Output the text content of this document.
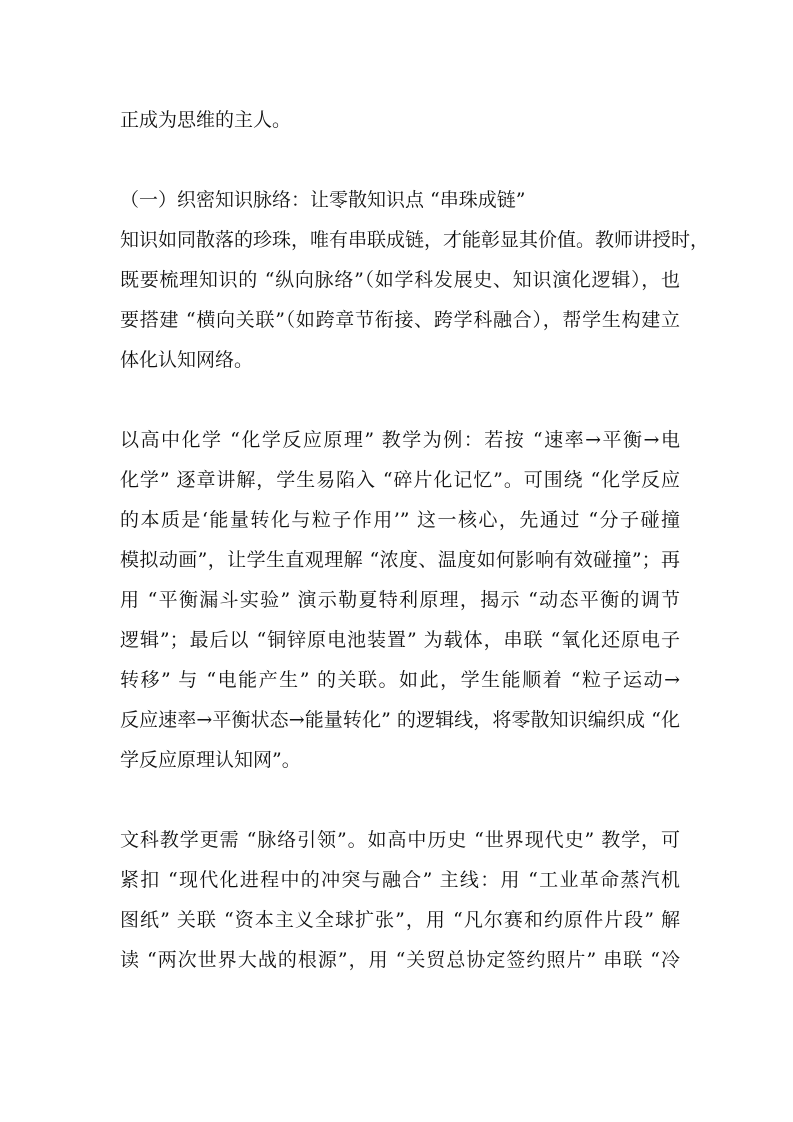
正成为思维的主人。
（一）织密知识脉络：让零散知识点 “串珠成链”
知识如同散落的珍珠，唯有串联成链，才能彰显其价值。教师讲授时，
既要梳理知识的 “纵向脉络”（如学科发展史、知识演化逻辑），也
要搭建 “横向关联”（如跨章节衔接、跨学科融合），帮学生构建立
体化认知网络。
以高中化学 “化学反应原理” 教学为例：若按 “速率→平衡→电
化学” 逐章讲解，学生易陷入 “碎片化记忆”。可围绕 “化学反应
的本质是‘能量转化与粒子作用’” 这一核心，先通过 “分子碰撞
模拟动画”，让学生直观理解 “浓度、温度如何影响有效碰撞”；再
用 “平衡漏斗实验” 演示勒夏特利原理，揭示 “动态平衡的调节
逻辑”；最后以 “铜锌原电池装置” 为载体，串联 “氧化还原电子
转移” 与 “电能产生” 的关联。如此，学生能顺着 “粒子运动→
反应速率→平衡状态→能量转化” 的逻辑线，将零散知识编织成 “化
学反应原理认知网”。
文科教学更需 “脉络引领”。如高中历史 “世界现代史” 教学，可
紧扣 “现代化进程中的冲突与融合” 主线：用 “工业革命蒸汽机
图纸” 关联 “资本主义全球扩张”，用 “凡尔赛和约原件片段” 解
读 “两次世界大战的根源”，用 “关贸总协定签约照片” 串联 “冷
